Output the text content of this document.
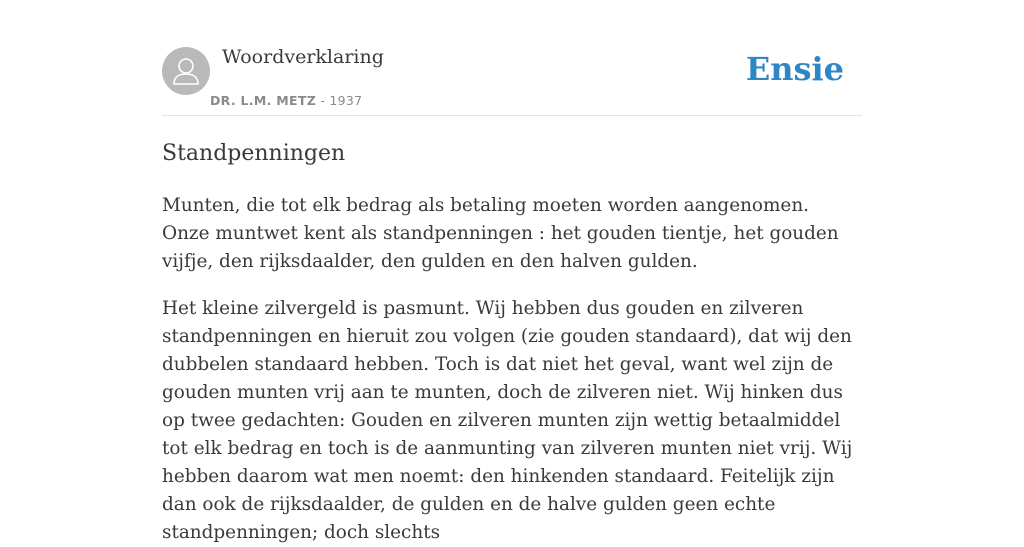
Woordverklaring
DR. L.M. METZ - 1937
Ensie
Standpenningen

Munten, die tot elk bedrag als betaling moeten worden aangenomen. Onze muntwet kent als standpenningen : het gouden tientje, het gouden vijfje, den rijksdaalder, den gulden en den halven gulden.

Het kleine zilvergeld is pasmunt. Wij hebben dus gouden en zilveren standpenningen en hieruit zou volgen (zie gouden standaard), dat wij den dubbelen standaard hebben. Toch is dat niet het geval, want wel zijn de gouden munten vrij aan te munten, doch de zilveren niet. Wij hinken dus op twee gedachten: Gouden en zilveren munten zijn wettig betaalmiddel tot elk bedrag en toch is de aanmunting van zilveren munten niet vrij. Wij hebben daarom wat men noemt: den hinkenden standaard. Feitelijk zijn dan ook de rijksdaalder, de gulden en de halve gulden geen echte standpenningen; doch slechts
